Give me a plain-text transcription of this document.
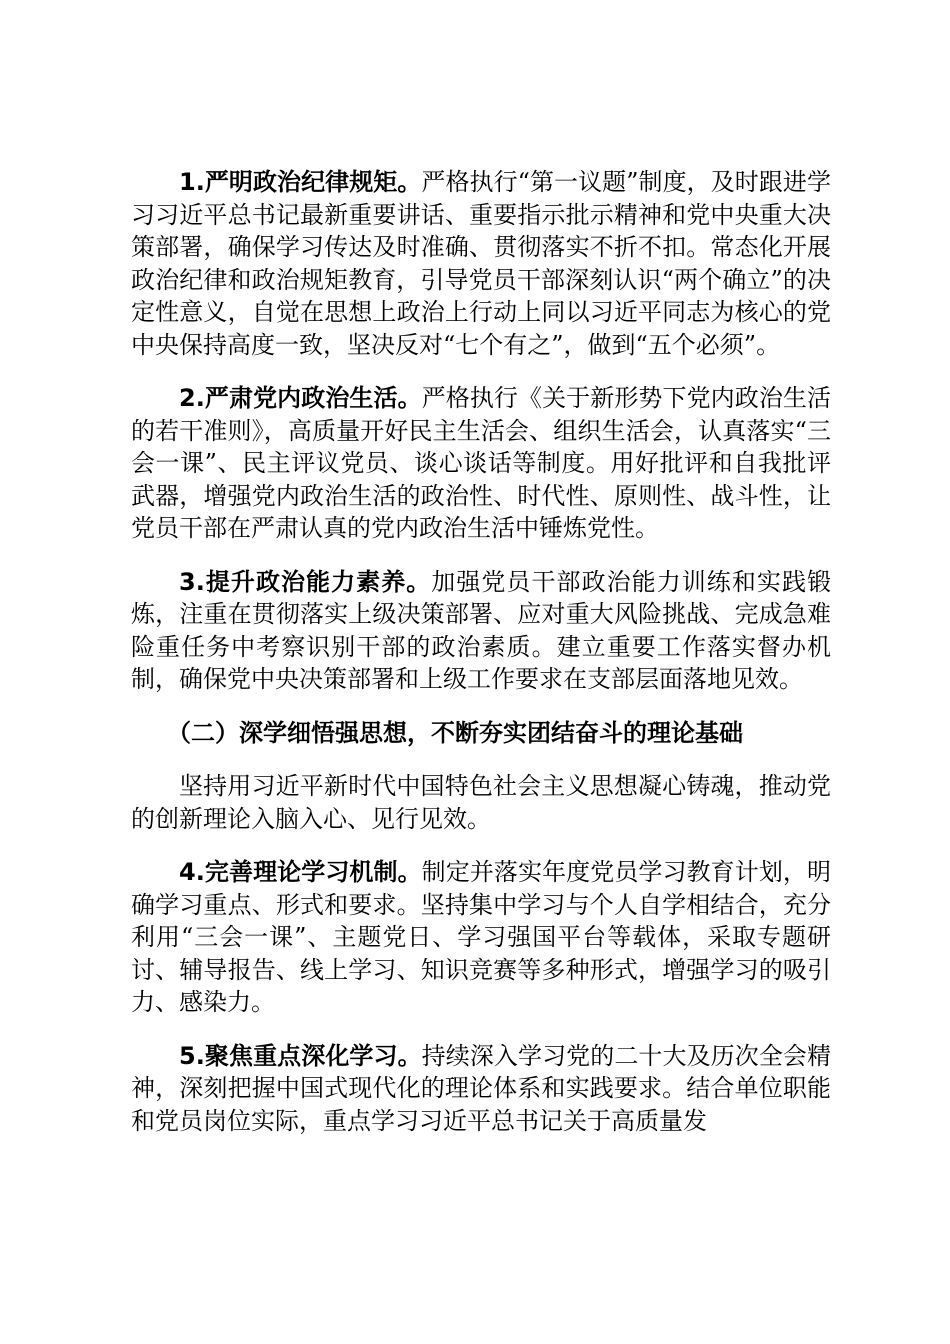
1.严明政治纪律规矩。严格执行“第一议题”制度，及时跟进学习习近平总书记最新重要讲话、重要指示批示精神和党中央重大决策部署，确保学习传达及时准确、贯彻落实不折不扣。常态化开展政治纪律和政治规矩教育，引导党员干部深刻认识“两个确立”的决定性意义，自觉在思想上政治上行动上同以习近平同志为核心的党中央保持高度一致，坚决反对“七个有之”，做到“五个必须”。

2.严肃党内政治生活。严格执行《关于新形势下党内政治生活的若干准则》，高质量开好民主生活会、组织生活会，认真落实“三会一课”、民主评议党员、谈心谈话等制度。用好批评和自我批评武器，增强党内政治生活的政治性、时代性、原则性、战斗性，让党员干部在严肃认真的党内政治生活中锤炼党性。

3.提升政治能力素养。加强党员干部政治能力训练和实践锻炼，注重在贯彻落实上级决策部署、应对重大风险挑战、完成急难险重任务中考察识别干部的政治素质。建立重要工作落实督办机制，确保党中央决策部署和上级工作要求在支部层面落地见效。

（二）深学细悟强思想，不断夯实团结奋斗的理论基础

坚持用习近平新时代中国特色社会主义思想凝心铸魂，推动党的创新理论入脑入心、见行见效。

4.完善理论学习机制。制定并落实年度党员学习教育计划，明确学习重点、形式和要求。坚持集中学习与个人自学相结合，充分利用“三会一课”、主题党日、学习强国平台等载体，采取专题研讨、辅导报告、线上学习、知识竞赛等多种形式，增强学习的吸引力、感染力。

5.聚焦重点深化学习。持续深入学习党的二十大及历次全会精神，深刻把握中国式现代化的理论体系和实践要求。结合单位职能和党员岗位实际，重点学习习近平总书记关于高质量发
